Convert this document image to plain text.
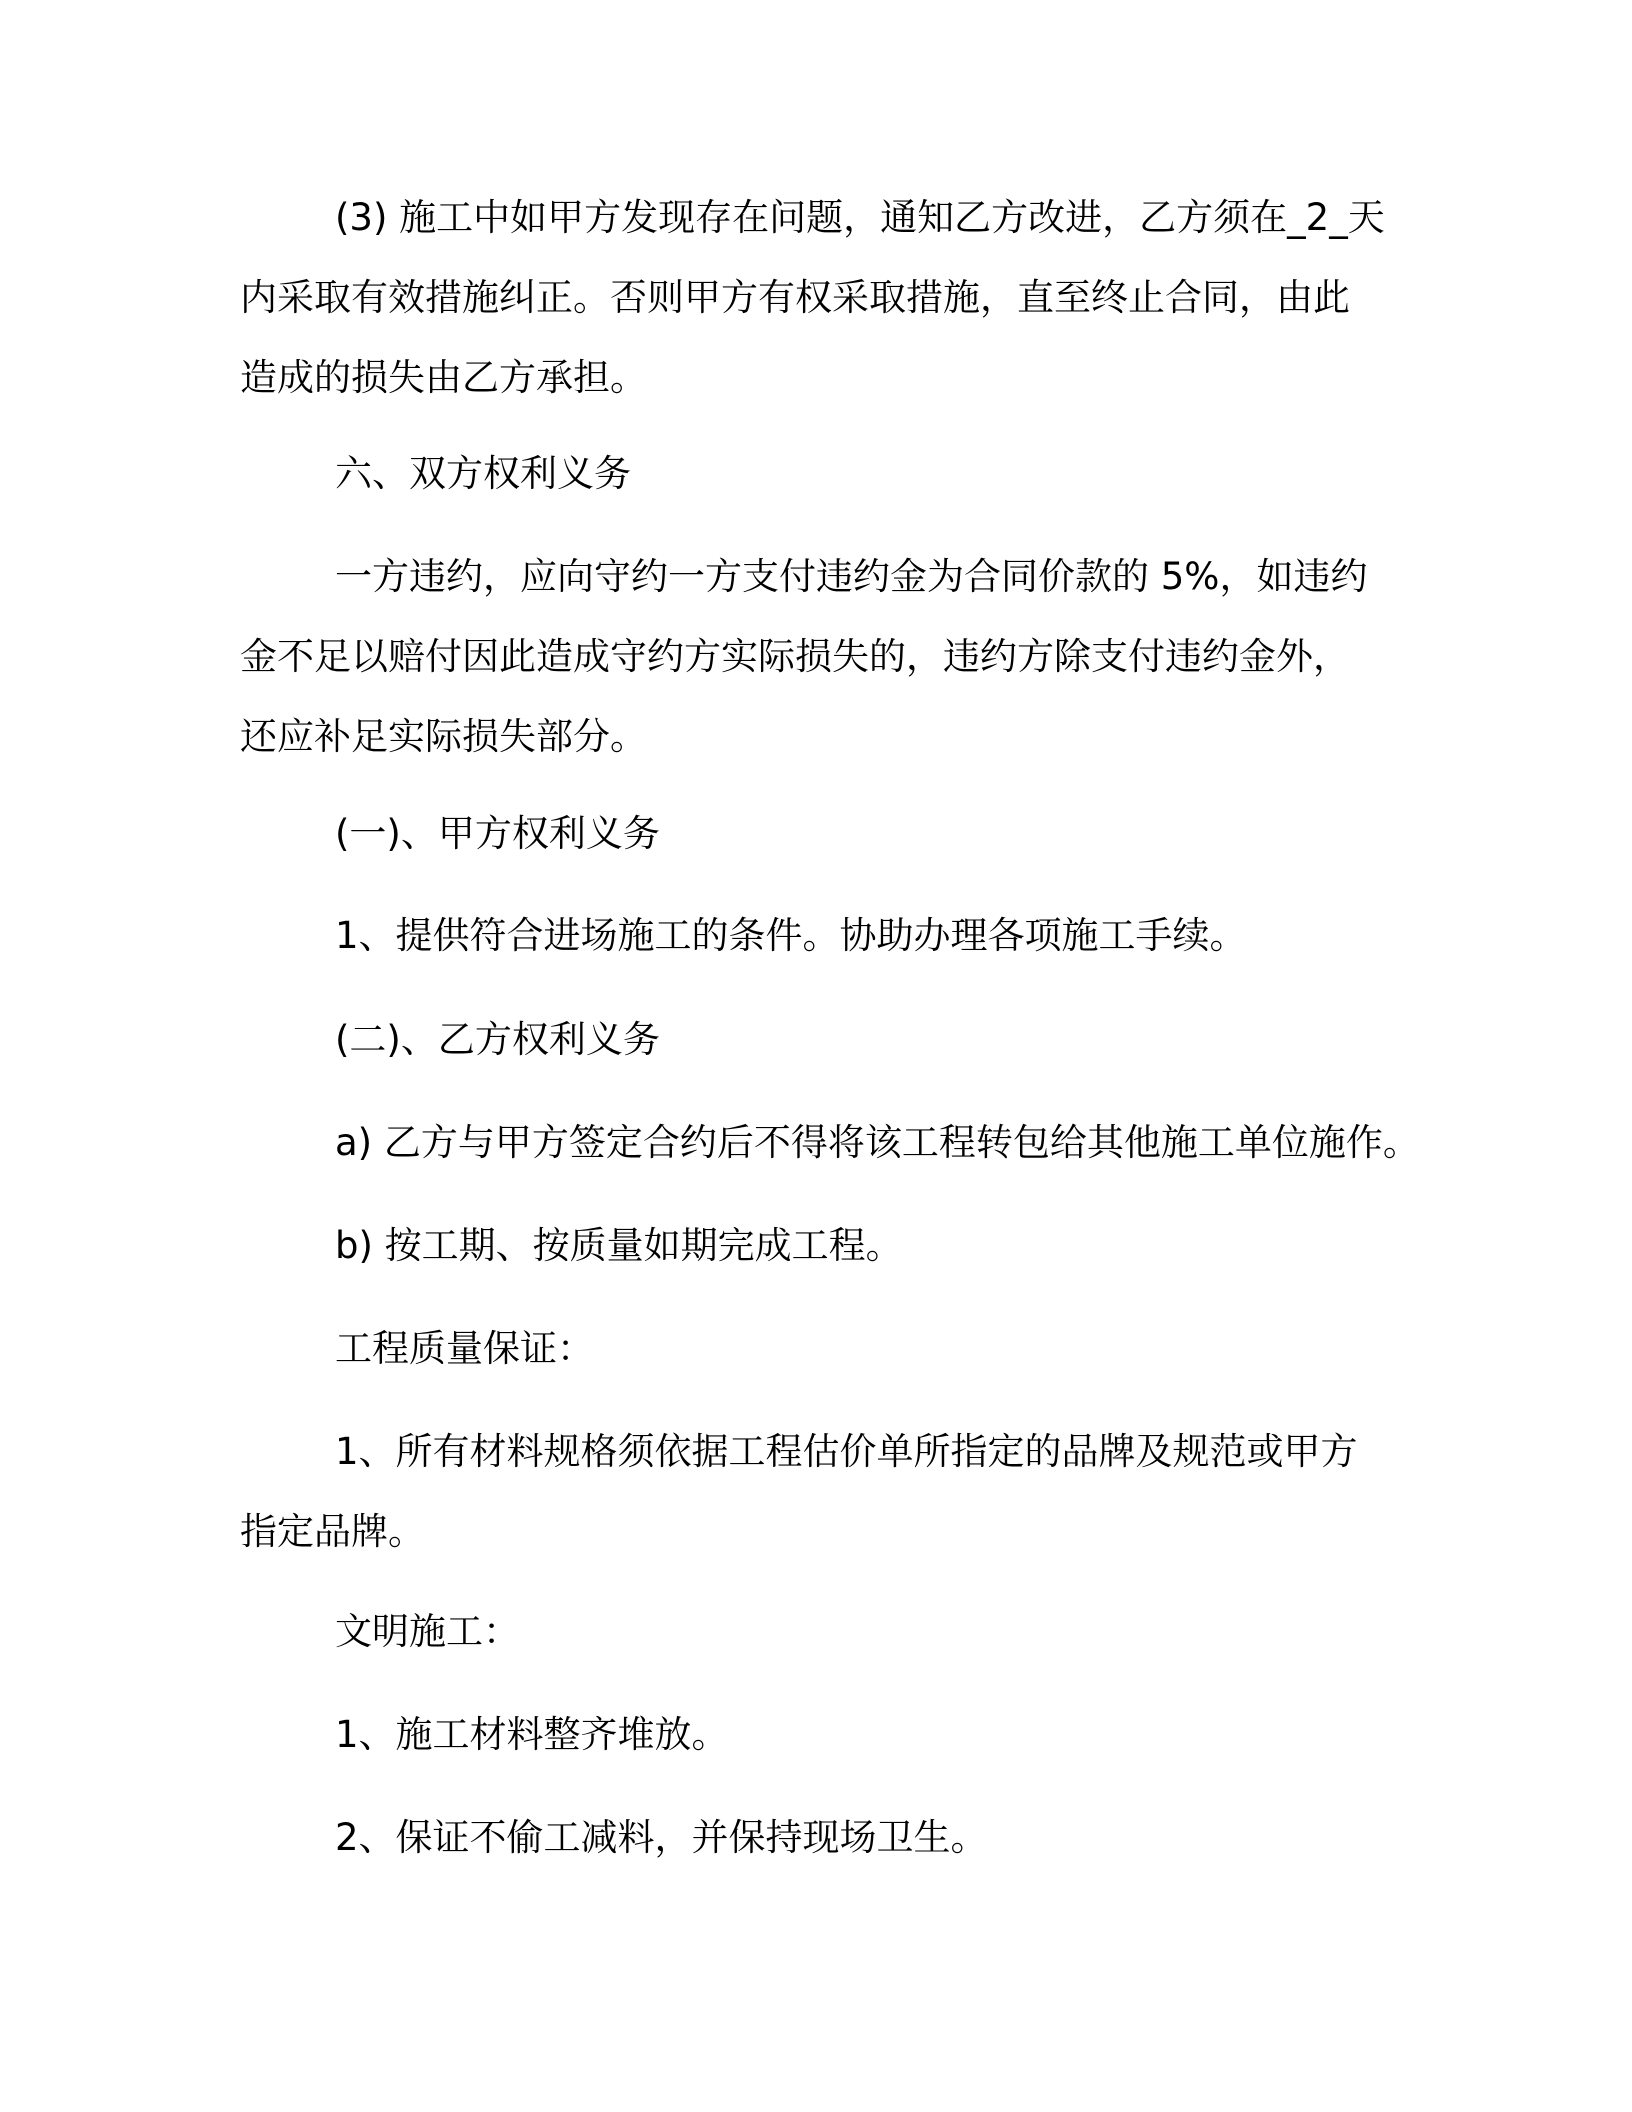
(3) 施工中如甲方发现存在问题，通知乙方改进，乙方须在_2_天
内采取有效措施纠正。否则甲方有权采取措施，直至终止合同，由此
造成的损失由乙方承担。

六、双方权利义务

一方违约，应向守约一方支付违约金为合同价款的 5%，如违约
金不足以赔付因此造成守约方实际损失的，违约方除支付违约金外，
还应补足实际损失部分。

(一)、甲方权利义务

1、提供符合进场施工的条件。协助办理各项施工手续。

(二)、乙方权利义务

a) 乙方与甲方签定合约后不得将该工程转包给其他施工单位施作。

b) 按工期、按质量如期完成工程。

工程质量保证：

1、所有材料规格须依据工程估价单所指定的品牌及规范或甲方
指定品牌。

文明施工：

1、施工材料整齐堆放。

2、保证不偷工减料，并保持现场卫生。
